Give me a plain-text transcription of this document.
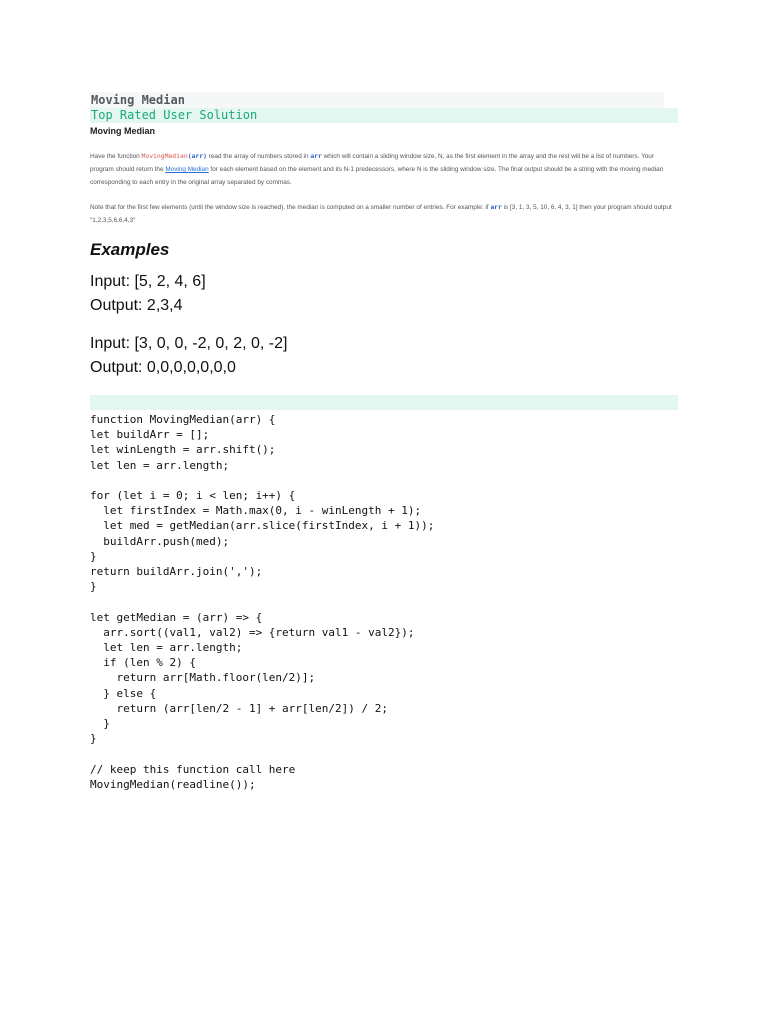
Moving Median
Top Rated User Solution
Moving Median
Have the function MovingMedian(arr) read the array of numbers stored in arr which will contain a sliding window size, N, as the first element in the array and the rest will be a list of numbers. Your program should return the Moving Median for each element based on the element and its N-1 predecessors, where N is the sliding window size. The final output should be a string with the moving median corresponding to each entry in the original array separated by commas.
Note that for the first few elements (until the window size is reached), the median is computed on a smaller number of entries. For example: if arr is [3, 1, 3, 5, 10, 6, 4, 3, 1] then your program should output "1,2,3,5,6,6,4,3"
Examples
Input: [5, 2, 4, 6]
Output: 2,3,4
Input: [3, 0, 0, -2, 0, 2, 0, -2]
Output: 0,0,0,0,0,0,0
function MovingMedian(arr) {
let buildArr = [];
let winLength = arr.shift();
let len = arr.length;

for (let i = 0; i < len; i++) {
let firstIndex = Math.max(0, i - winLength + 1);
let med = getMedian(arr.slice(firstIndex, i + 1));
buildArr.push(med);
}
return buildArr.join(',');
}

let getMedian = (arr) => {
arr.sort((val1, val2) => {return val1 - val2});
let len = arr.length;
if (len % 2) {
return arr[Math.floor(len/2)];
} else {
return (arr[len/2 - 1] + arr[len/2]) / 2;
}
}

// keep this function call here
MovingMedian(readline());
